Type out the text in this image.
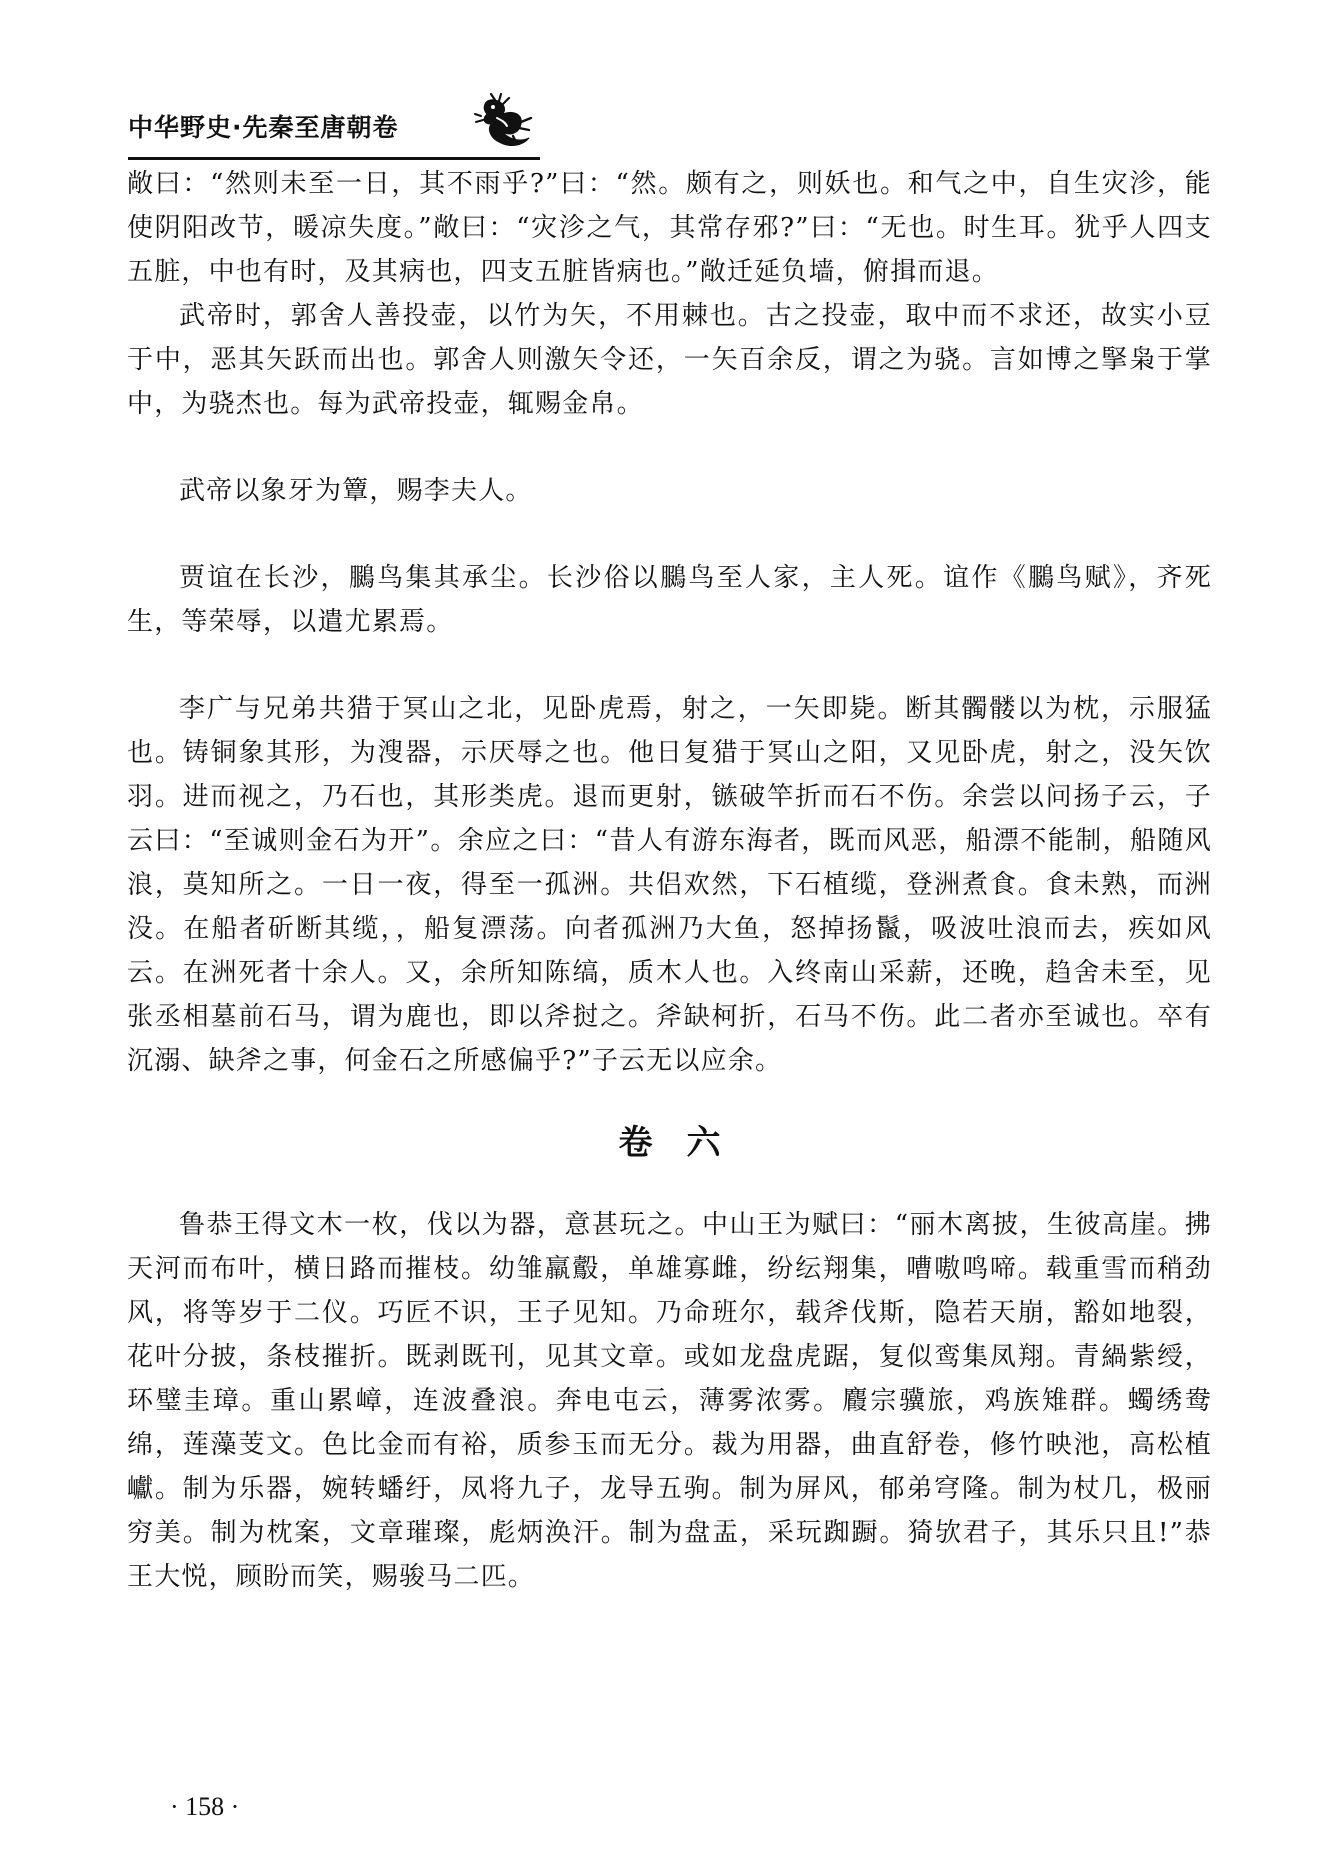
中华野史·先秦至唐朝卷

敞曰：“然则未至一日，其不雨乎?”曰：“然。颇有之，则妖也。和气之中，自生灾沴，能使阴阳改节，暖凉失度。”敞曰：“灾沴之气，其常存邪?”曰：“无也。时生耳。犹乎人四支五脏，中也有时，及其病也，四支五脏皆病也。”敞迁延负墙，俯揖而退。

武帝时，郭舍人善投壶，以竹为矢，不用棘也。古之投壶，取中而不求还，故实小豆于中，恶其矢跃而出也。郭舍人则激矢令还，一矢百余反，谓之为骁。言如博之掔枭于掌中，为骁杰也。每为武帝投壶，辄赐金帛。

武帝以象牙为簟，赐李夫人。

贾谊在长沙，鵩鸟集其承尘。长沙俗以鵩鸟至人家，主人死。谊作《鵩鸟赋》，齐死生，等荣辱，以遣尤累焉。

李广与兄弟共猎于冥山之北，见卧虎焉，射之，一矢即毙。断其髑髅以为枕，示服猛也。铸铜象其形，为溲器，示厌辱之也。他日复猎于冥山之阳，又见卧虎，射之，没矢饮羽。进而视之，乃石也，其形类虎。退而更射，镞破竿折而石不伤。余尝以问扬子云，子云曰：“至诚则金石为开”。余应之曰：“昔人有游东海者，既而风恶，船漂不能制，船随风浪，莫知所之。一日一夜，得至一孤洲。共侣欢然，下石植缆，登洲煮食。食未熟，而洲没。在船者斫断其缆，，船复漂荡。向者孤洲乃大鱼，怒掉扬鬣，吸波吐浪而去，疾如风云。在洲死者十余人。又，余所知陈缟，质木人也。入终南山采薪，还晚，趋舍未至，见张丞相墓前石马，谓为鹿也，即以斧挝之。斧缺柯折，石马不伤。此二者亦至诚也。卒有沉溺、缺斧之事，何金石之所感偏乎?”子云无以应余。

卷六

鲁恭王得文木一枚，伐以为器，意甚玩之。中山王为赋曰：“丽木离披，生彼高崖。拂天河而布叶，横日路而摧枝。幼雏羸鷇，单雄寡雌，纷纭翔集，嘈嗷鸣啼。载重雪而稍劲风，将等岁于二仪。巧匠不识，王子见知。乃命班尔，载斧伐斯，隐若天崩，豁如地裂，花叶分披，条枝摧折。既剥既刊，见其文章。或如龙盘虎踞，复似鸾集凤翔。青緺紫绶，环璧圭璋。重山累嶂，连波叠浪。奔电屯云，薄雾浓雾。麚宗骥旅，鸡族雉群。蠋绣鸯绵，莲藻芰文。色比金而有裕，质参玉而无分。裁为用器，曲直舒卷，修竹映池，高松植巘。制为乐器，婉转蟠纡，凤将九子，龙导五驹。制为屏风，郁弟穹隆。制为杖几，极丽穷美。制为枕案，文章璀璨，彪炳涣汗。制为盘盂，采玩踟蹰。猗欤君子，其乐只且!”恭王大悦，顾盼而笑，赐骏马二匹。

· 158 ·
